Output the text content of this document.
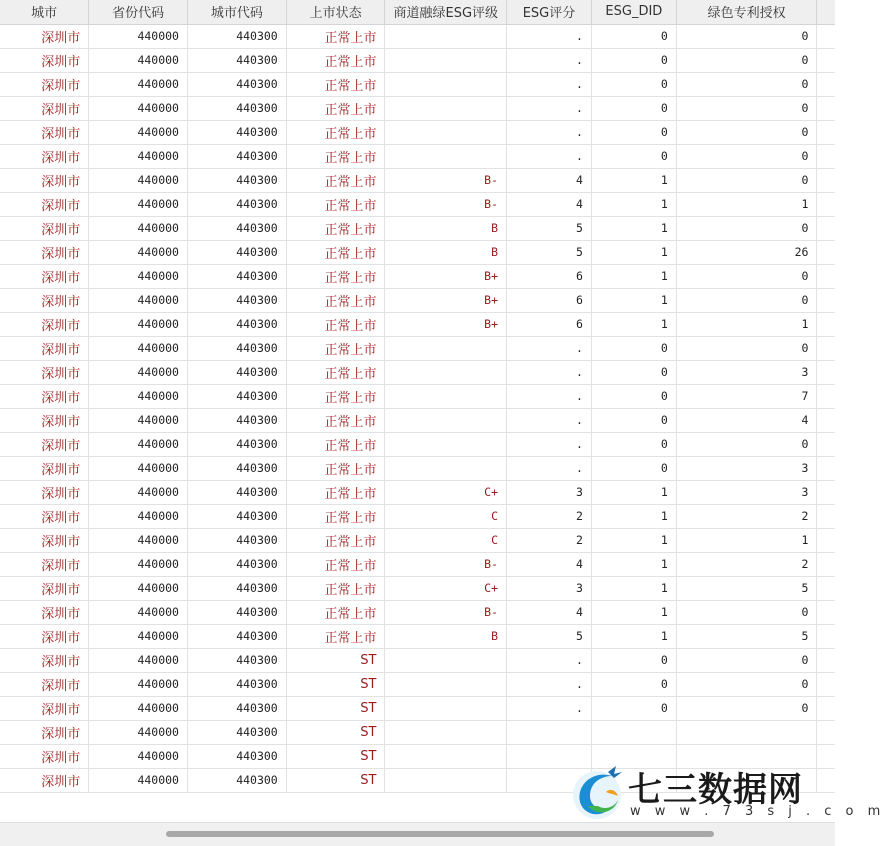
城市	省份代码	城市代码	上市状态	商道融绿ESG评级	ESG评分	ESG_DID	绿色专利授权	
深圳市	440000	440300	正常上市		.	0	0	
深圳市	440000	440300	正常上市		.	0	0	
深圳市	440000	440300	正常上市		.	0	0	
深圳市	440000	440300	正常上市		.	0	0	
深圳市	440000	440300	正常上市		.	0	0	
深圳市	440000	440300	正常上市		.	0	0	
深圳市	440000	440300	正常上市	B-	4	1	0	
深圳市	440000	440300	正常上市	B-	4	1	1	
深圳市	440000	440300	正常上市	B	5	1	0	
深圳市	440000	440300	正常上市	B	5	1	26	
深圳市	440000	440300	正常上市	B+	6	1	0	
深圳市	440000	440300	正常上市	B+	6	1	0	
深圳市	440000	440300	正常上市	B+	6	1	1	
深圳市	440000	440300	正常上市		.	0	0	
深圳市	440000	440300	正常上市		.	0	3	
深圳市	440000	440300	正常上市		.	0	7	
深圳市	440000	440300	正常上市		.	0	4	
深圳市	440000	440300	正常上市		.	0	0	
深圳市	440000	440300	正常上市		.	0	3	
深圳市	440000	440300	正常上市	C+	3	1	3	
深圳市	440000	440300	正常上市	C	2	1	2	
深圳市	440000	440300	正常上市	C	2	1	1	
深圳市	440000	440300	正常上市	B-	4	1	2	
深圳市	440000	440300	正常上市	C+	3	1	5	
深圳市	440000	440300	正常上市	B-	4	1	0	
深圳市	440000	440300	正常上市	B	5	1	5	
深圳市	440000	440300	ST		.	0	0	
深圳市	440000	440300	ST		.	0	0	
深圳市	440000	440300	ST		.	0	0	
深圳市	440000	440300	ST					
深圳市	440000	440300	ST					
深圳市	440000	440300	ST						七三数据网
w w w . 7 3 s j . c o m
